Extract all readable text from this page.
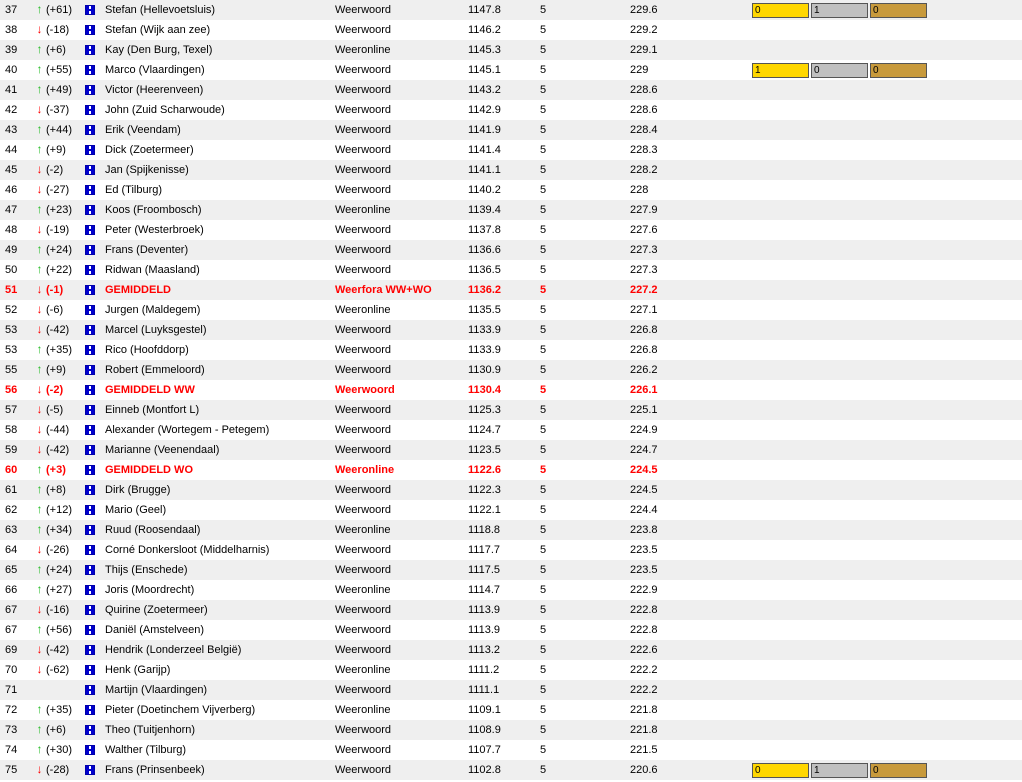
37	↑ (+61)		Stefan (Hellevoetsluis)	Weerwoord	1147.8	5	229.6	0 1 0	

38	↓ (-18)		Stefan (Wijk aan zee)	Weerwoord	1146.2	5	229.2		
39	↑ (+6)		Kay (Den Burg, Texel)	Weeronline	1145.3	5	229.1		
40	↑ (+55)		Marco (Vlaardingen)	Weerwoord	1145.1	5	229	1 0 0	

41	↑ (+49)		Victor (Heerenveen)	Weerwoord	1143.2	5	228.6		
42	↓ (-37)		John (Zuid Scharwoude)	Weerwoord	1142.9	5	228.6		
43	↑ (+44)		Erik (Veendam)	Weerwoord	1141.9	5	228.4		
44	↑ (+9)		Dick (Zoetermeer)	Weerwoord	1141.4	5	228.3		
45	↓ (-2)		Jan (Spijkenisse)	Weerwoord	1141.1	5	228.2		
46	↓ (-27)		Ed (Tilburg)	Weerwoord	1140.2	5	228		
47	↑ (+23)		Koos (Froombosch)	Weeronline	1139.4	5	227.9		
48	↓ (-19)		Peter (Westerbroek)	Weerwoord	1137.8	5	227.6		
49	↑ (+24)		Frans (Deventer)	Weerwoord	1136.6	5	227.3		
50	↑ (+22)		Ridwan (Maasland)	Weerwoord	1136.5	5	227.3		
51	↓ (-1)		GEMIDDELD	Weerfora WW+WO	1136.2	5	227.2		
52	↓ (-6)		Jurgen (Maldegem)	Weeronline	1135.5	5	227.1		
53	↓ (-42)		Marcel (Luyksgestel)	Weerwoord	1133.9	5	226.8		
53	↑ (+35)		Rico (Hoofddorp)	Weerwoord	1133.9	5	226.8		
55	↑ (+9)		Robert (Emmeloord)	Weerwoord	1130.9	5	226.2		
56	↓ (-2)		GEMIDDELD WW	Weerwoord	1130.4	5	226.1		
57	↓ (-5)		Einneb (Montfort L)	Weerwoord	1125.3	5	225.1		
58	↓ (-44)		Alexander (Wortegem - Petegem)	Weerwoord	1124.7	5	224.9		
59	↓ (-42)		Marianne (Veenendaal)	Weerwoord	1123.5	5	224.7		
60	↑ (+3)		GEMIDDELD WO	Weeronline	1122.6	5	224.5		
61	↑ (+8)		Dirk (Brugge)	Weerwoord	1122.3	5	224.5		
62	↑ (+12)		Mario (Geel)	Weerwoord	1122.1	5	224.4		
63	↑ (+34)		Ruud (Roosendaal)	Weeronline	1118.8	5	223.8		
64	↓ (-26)		Corné Donkersloot (Middelharnis)	Weerwoord	1117.7	5	223.5		
65	↑ (+24)		Thijs (Enschede)	Weerwoord	1117.5	5	223.5		
66	↑ (+27)		Joris (Moordrecht)	Weeronline	1114.7	5	222.9		
67	↓ (-16)		Quirine (Zoetermeer)	Weerwoord	1113.9	5	222.8		
67	↑ (+56)		Daniël (Amstelveen)	Weerwoord	1113.9	5	222.8		
69	↓ (-42)		Hendrik (Londerzeel België)	Weerwoord	1113.2	5	222.6		
70	↓ (-62)		Henk (Garijp)	Weeronline	1111.2	5	222.2		
71			Martijn (Vlaardingen)	Weerwoord	1111.1	5	222.2		
72	↑ (+35)		Pieter (Doetinchem Vijverberg)	Weeronline	1109.1	5	221.8		
73	↑ (+6)		Theo (Tuitjenhorn)	Weerwoord	1108.9	5	221.8		
74	↑ (+30)		Walther (Tilburg)	Weerwoord	1107.7	5	221.5		
75	↓ (-28)		Frans (Prinsenbeek)	Weerwoord	1102.8	5	220.6	0 1 0	
